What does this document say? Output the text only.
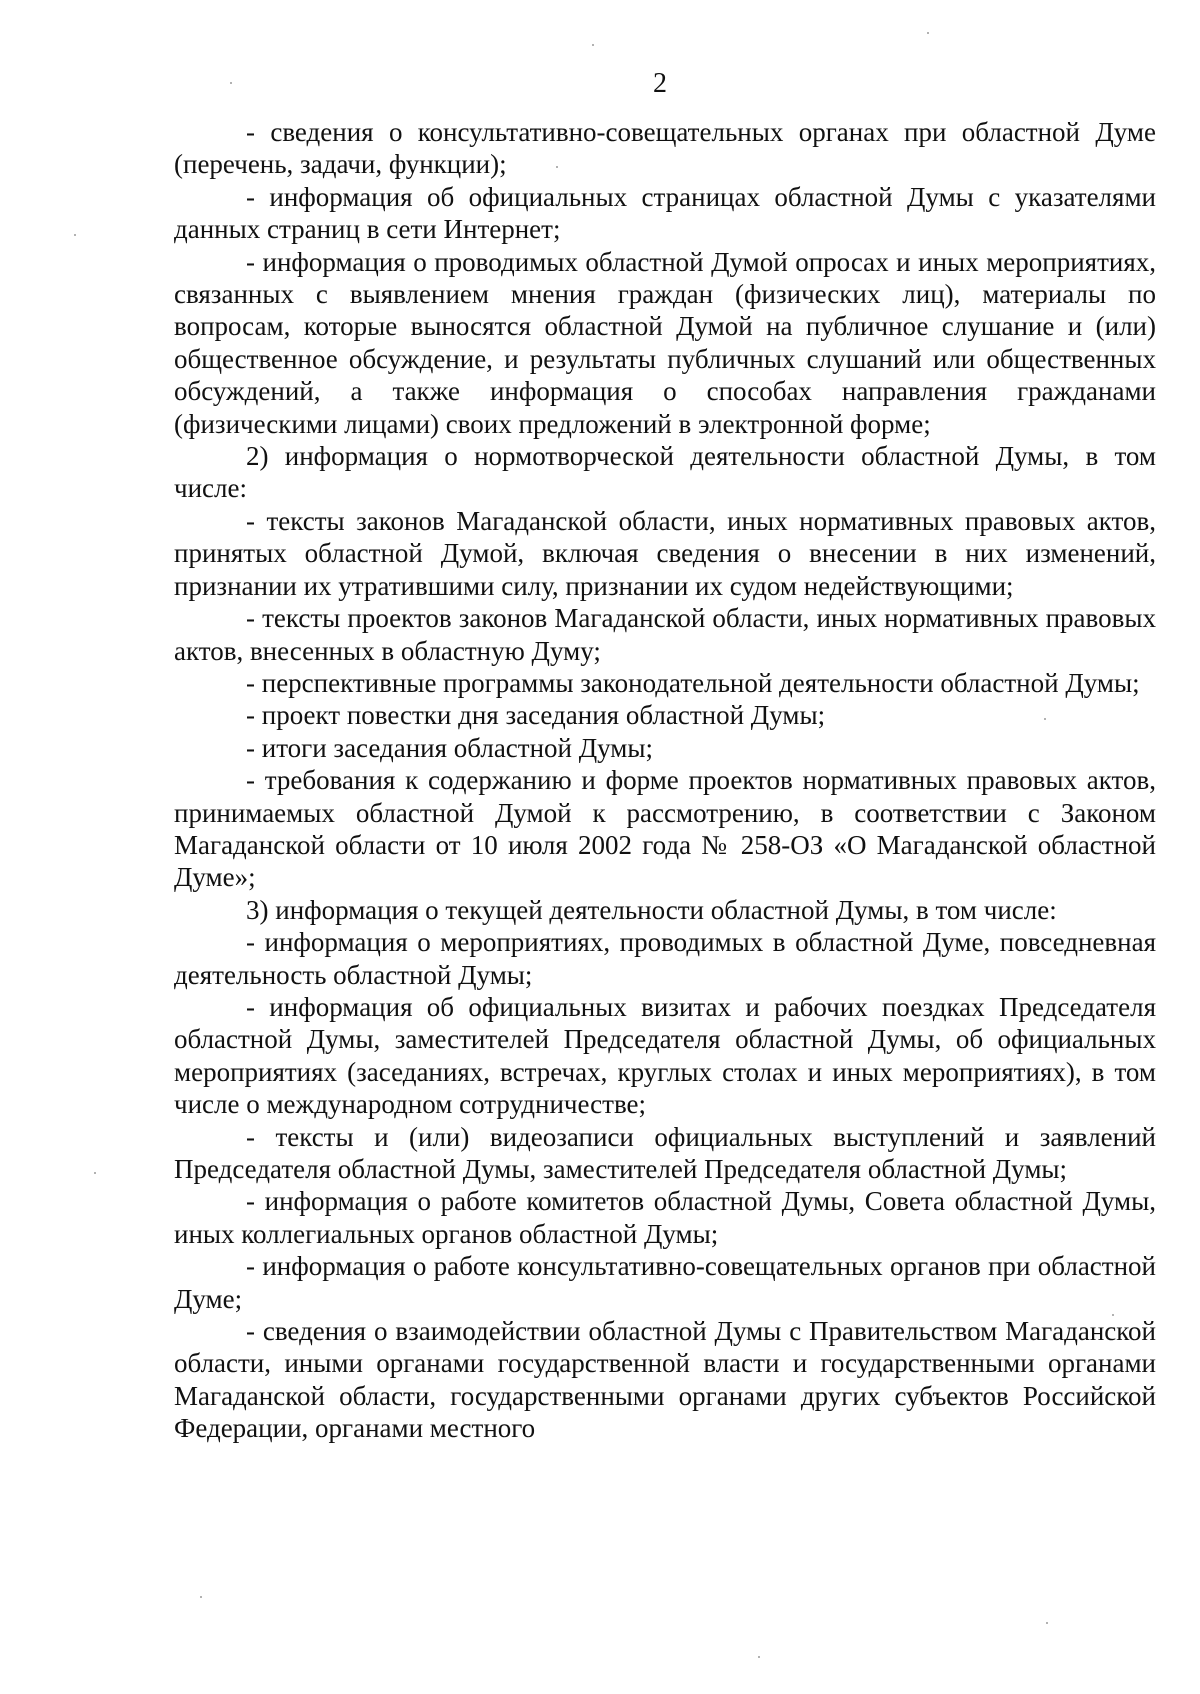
2

- сведения о консультативно-совещательных органах при областной Думе (перечень, задачи, функции);

- информация об официальных страницах областной Думы с указателями данных страниц в сети Интернет;

- информация о проводимых областной Думой опросах и иных мероприятиях, связанных с выявлением мнения граждан (физических лиц), материалы по вопросам, которые выносятся областной Думой на публичное слушание и (или) общественное обсуждение, и результаты публичных слушаний или общественных обсуждений, а также информация о способах направления гражданами (физическими лицами) своих предложений в электронной форме;

2) информация о нормотворческой деятельности областной Думы, в том числе:

- тексты законов Магаданской области, иных нормативных правовых актов, принятых областной Думой, включая сведения о внесении в них изменений, признании их утратившими силу, признании их судом недействующими;

- тексты проектов законов Магаданской области, иных нормативных правовых актов, внесенных в областную Думу;

- перспективные программы законодательной деятельности областной Думы;

- проект повестки дня заседания областной Думы;

- итоги заседания областной Думы;

- требования к содержанию и форме проектов нормативных правовых актов, принимаемых областной Думой к рассмотрению, в соответствии с Законом Магаданской области от 10 июля 2002 года № 258-ОЗ «О Магаданской областной Думе»;

3) информация о текущей деятельности областной Думы, в том числе:

- информация о мероприятиях, проводимых в областной Думе, повседневная деятельность областной Думы;

- информация об официальных визитах и рабочих поездках Председателя областной Думы, заместителей Председателя областной Думы, об официальных мероприятиях (заседаниях, встречах, круглых столах и иных мероприятиях), в том числе о международном сотрудничестве;

- тексты и (или) видеозаписи официальных выступлений и заявлений Председателя областной Думы, заместителей Председателя областной Думы;

- информация о работе комитетов областной Думы, Совета областной Думы, иных коллегиальных органов областной Думы;

- информация о работе консультативно-совещательных органов при областной Думе;

- сведения о взаимодействии областной Думы с Правительством Магаданской области, иными органами государственной власти и государственными органами Магаданской области, государственными органами других субъектов Российской Федерации, органами местного
